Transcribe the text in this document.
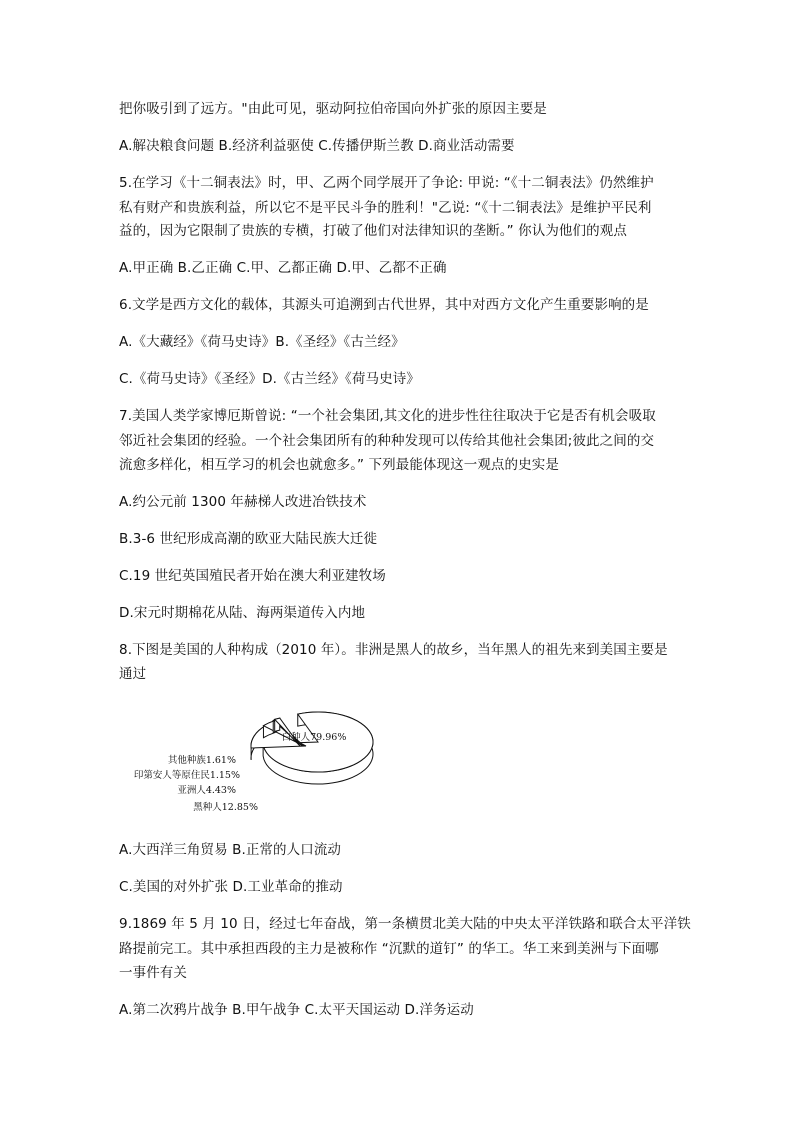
把你吸引到了远方。"由此可见，驱动阿拉伯帝国向外扩张的原因主要是
A.解决粮食问题 B.经济利益驱使 C.传播伊斯兰教 D.商业活动需要
5.在学习《十二铜表法》时，甲、乙两个同学展开了争论: 甲说: “《十二铜表法》仍然维护
私有财产和贵族利益，所以它不是平民斗争的胜利！"乙说: “《十二铜表法》是维护平民利
益的，因为它限制了贵族的专横，打破了他们对法律知识的垄断。” 你认为他们的观点
A.甲正确 B.乙正确 C.甲、乙都正确 D.甲、乙都不正确
6.文学是西方文化的载体，其源头可追溯到古代世界，其中对西方文化产生重要影响的是
A.《大藏经》《荷马史诗》B.《圣经》《古兰经》
C.《荷马史诗》《圣经》D.《古兰经》《荷马史诗》
7.美国人类学家博厄斯曾说: “一个社会集团,其文化的进步性往往取决于它是否有机会吸取
邻近社会集团的经验。一个社会集团所有的种种发现可以传给其他社会集团;彼此之间的交
流愈多样化，相互学习的机会也就愈多。” 下列最能体现这一观点的史实是
A.约公元前 1300 年赫梯人改进冶铁技术
B.3-6 世纪形成高潮的欧亚大陆民族大迁徙
C.19 世纪英国殖民者开始在澳大利亚建牧场
D.宋元时期棉花从陆、海两渠道传入内地
8.下图是美国的人种构成（2010 年）。非洲是黑人的故乡，当年黑人的祖先来到美国主要是
通过
白种人79.96%
黑种人12.85%
亚洲人4.43%
印第安人等原住民1.15%
其他种族1.61%
A.大西洋三角贸易 B.正常的人口流动
C.美国的对外扩张 D.工业革命的推动
9.1869 年 5 月 10 日，经过七年奋战，第一条横贯北美大陆的中央太平洋铁路和联合太平洋铁
路提前完工。其中承担西段的主力是被称作 “沉默的道钉” 的华工。华工来到美洲与下面哪
一事件有关
A.第二次鸦片战争 B.甲午战争 C.太平天国运动 D.洋务运动
